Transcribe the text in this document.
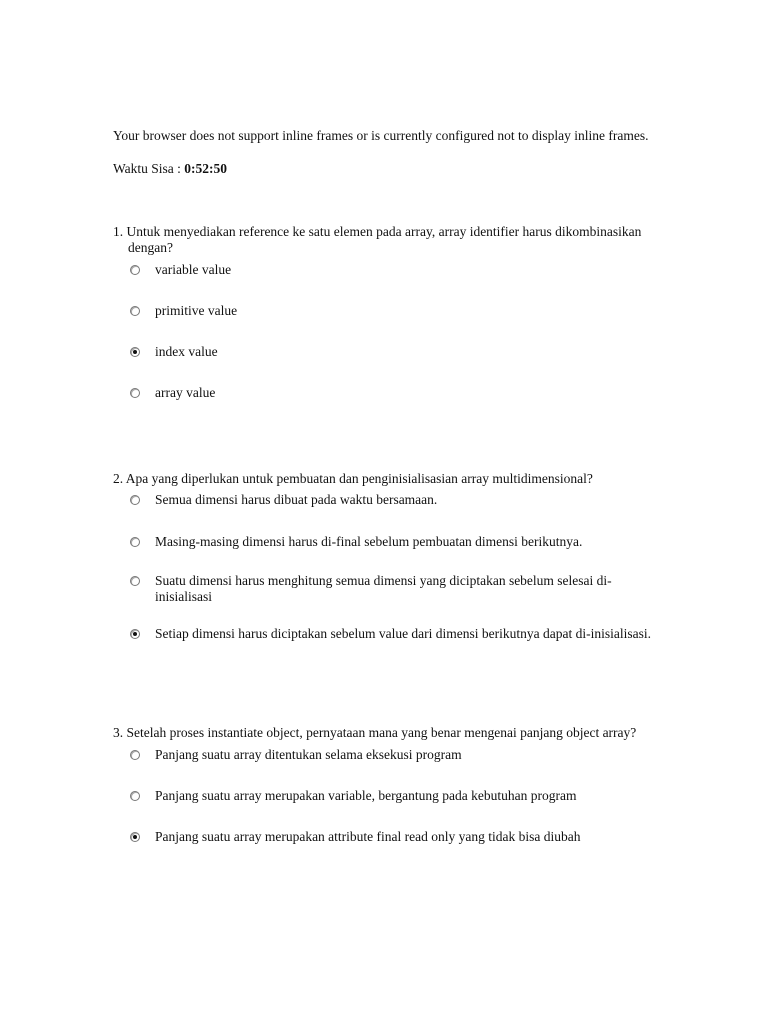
Your browser does not support inline frames or is currently configured not to display inline frames.
Waktu Sisa : 0:52:50
1. Untuk menyediakan reference ke satu elemen pada array, array identifier harus dikombinasikan dengan?
variable value
primitive value
index value
array value
2. Apa yang diperlukan untuk pembuatan dan penginisialisasian array multidimensional?
Semua dimensi harus dibuat pada waktu bersamaan.
Masing-masing dimensi harus di-final sebelum pembuatan dimensi berikutnya.
Suatu dimensi harus menghitung semua dimensi yang diciptakan sebelum selesai di-inisialisasi
Setiap dimensi harus diciptakan sebelum value dari dimensi berikutnya dapat di-inisialisasi.
3. Setelah proses instantiate object, pernyataan mana yang benar mengenai panjang object array?
Panjang suatu array ditentukan selama eksekusi program
Panjang suatu array merupakan variable, bergantung pada kebutuhan program
Panjang suatu array merupakan attribute final read only yang tidak bisa diubah
